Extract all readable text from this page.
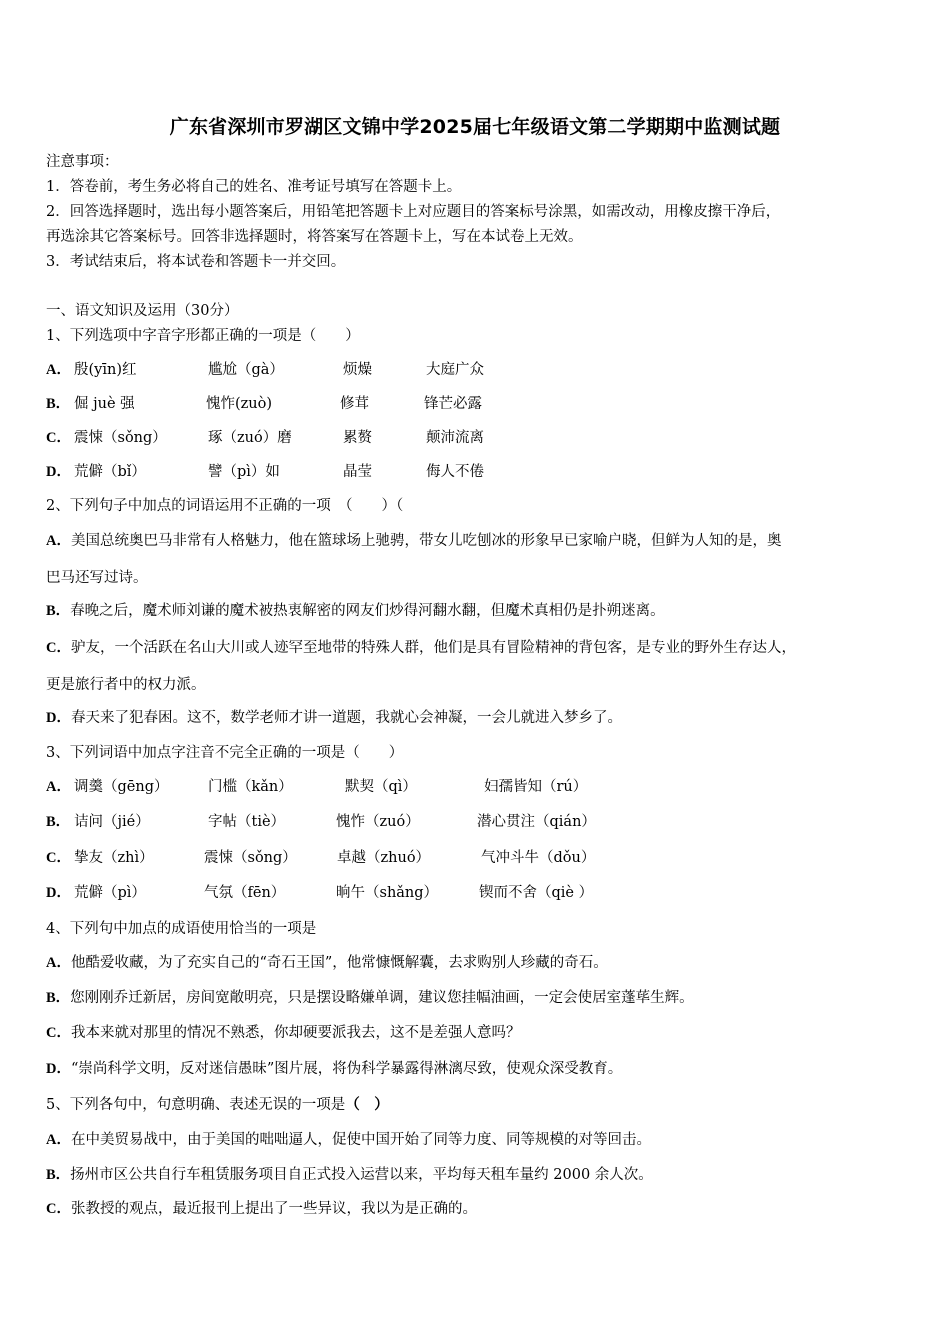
广东省深圳市罗湖区文锦中学2025届七年级语文第二学期期中监测试题
注意事项：
1．答卷前，考生务必将自己的姓名、准考证号填写在答题卡上。
2．回答选择题时，选出每小题答案后，用铅笔把答题卡上对应题目的答案标号涂黑，如需改动，用橡皮擦干净后，
再选涂其它答案标号。回答非选择题时，将答案写在答题卡上，写在本试卷上无效。
3．考试结束后，将本试卷和答题卡一并交回。
一、语文知识及运用（30分）
1、下列选项中字音字形都正确的一项是（　　）
A． 殷(yīn)红	尴尬（gà）	烦燥	大庭广众
B． 倔 juè 强	愧怍(zuò)	修茸	锋芒必露
C． 震悚（sǒng）	琢（zuó）磨	累赘	颠沛流离
D． 荒僻（bǐ）	譬（pì）如	晶莹	侮人不倦
2、下列句子中加点的词语运用不正确的一项　（　　）（
A．美国总统奥巴马非常有人格魅力，他在篮球场上驰骋，带女儿吃刨冰的形象早已家喻户晓，但鲜为人知的是，奥
巴马还写过诗。
B．春晚之后，魔术师刘谦的魔术被热衷解密的网友们炒得河翻水翻，但魔术真相仍是扑朔迷离。
C．驴友，一个活跃在名山大川或人迹罕至地带的特殊人群，他们是具有冒险精神的背包客，是专业的野外生存达人，
更是旅行者中的权力派。
D．春天来了犯春困。这不，数学老师才讲一道题，我就心会神凝，一会儿就进入梦乡了。
3、下列词语中加点字注音不完全正确的一项是（　　）
A． 调羹（gēng）	门槛（kǎn）	默契（qì）	妇孺皆知（rú）
B． 诘问（jié）	字帖（tiè）	愧怍（zuó）	潜心贯注（qián）
C． 挚友（zhì）	震悚（sǒng）	卓越（zhuó）	气冲斗牛（dǒu）
D． 荒僻（pì）	气氛（fēn）	晌午（shǎng）	锲而不舍（qiè ）
4、下列句中加点的成语使用恰当的一项是
A．他酷爱收藏，为了充实自己的“奇石王国”，他常慷慨解囊，去求购别人珍藏的奇石。
B．您刚刚乔迁新居，房间宽敞明亮，只是摆设略嫌单调，建议您挂幅油画，一定会使居室蓬荜生辉。
C．我本来就对那里的情况不熟悉，你却硬要派我去，这不是差强人意吗？
D．“崇尚科学文明，反对迷信愚昧”图片展，将伪科学暴露得淋漓尽致，使观众深受教育。
5、下列各句中，句意明确、表述无误的一项是（　）
A．在中美贸易战中，由于美国的咄咄逼人，促使中国开始了同等力度、同等规模的对等回击。
B．扬州市区公共自行车租赁服务项目自正式投入运营以来，平均每天租车量约 2000 余人次。
C．张教授的观点，最近报刊上提出了一些异议，我以为是正确的。
